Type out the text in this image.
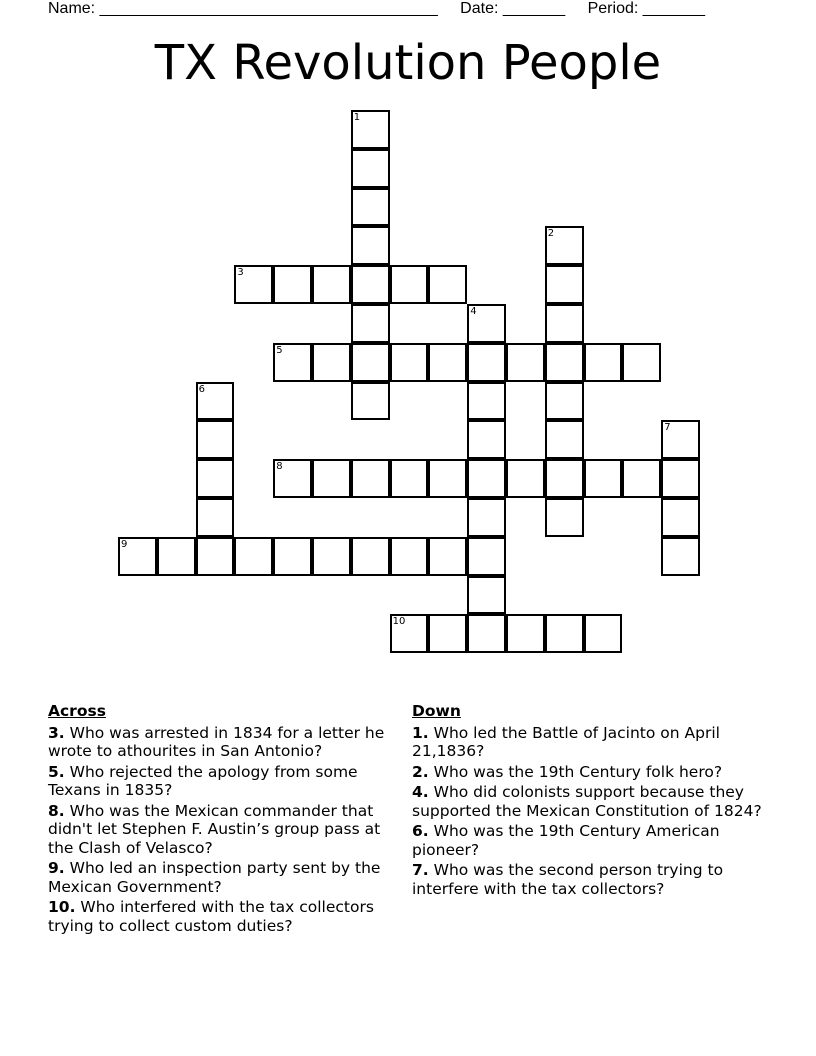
Name: ______________________________________ Date: _______ Period: _______
TX Revolution People
1
2
3
4
5
6
7
8
9
10
Across
3. Who was arrested in 1834 for a letter he wrote to athourites in San Antonio?
5. Who rejected the apology from some Texans in 1835?
8. Who was the Mexican commander that didn't let Stephen F. Austin’s group pass at the Clash of Velasco?
9. Who led an inspection party sent by the Mexican Government?
10. Who interfered with the tax collectors trying to collect custom duties?
Down
1. Who led the Battle of Jacinto on April 21,1836?
2. Who was the 19th Century folk hero?
4. Who did colonists support because they supported the Mexican Constitution of 1824?
6. Who was the 19th Century American pioneer?
7. Who was the second person trying to interfere with the tax collectors?
